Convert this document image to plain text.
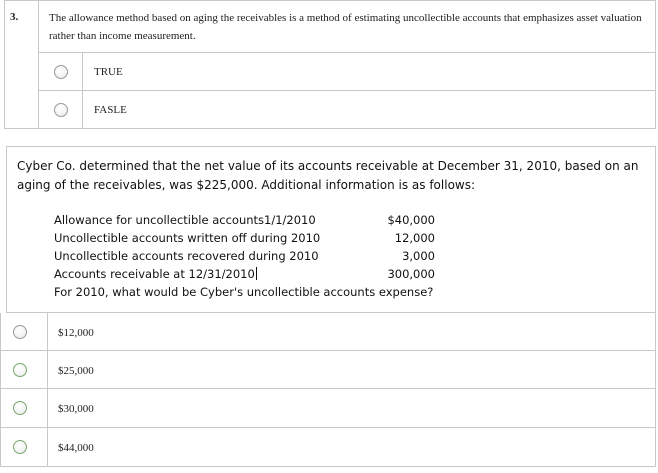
3.	The allowance method based on aging the receivables is a method of estimating uncollectible accounts that emphasizes asset valuation rather than income measurement.
TRUE
FASLE
Cyber Co. determined that the net value of its accounts receivable at December 31, 2010, based on an aging of the receivables, was $225,000. Additional information is as follows:
Allowance for uncollectible accounts1/1/2010	$40,000
Uncollectible accounts written off during 2010	12,000
Uncollectible accounts recovered during 2010	3,000
Accounts receivable at 12/31/2010	300,000
For 2010, what would be Cyber's uncollectible accounts expense?
$12,000
$25,000
$30,000
$44,000
